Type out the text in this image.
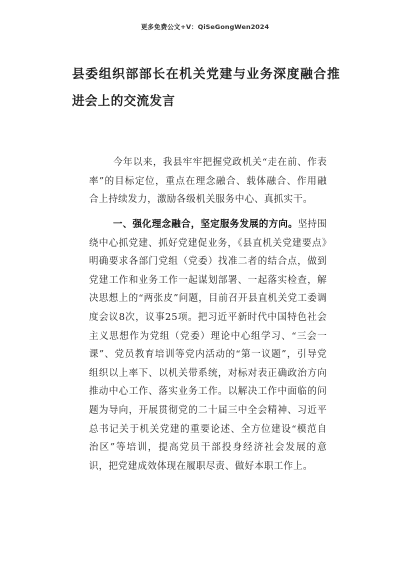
更多免费公文+V：QiSeGongWen2024
县委组织部部长在机关党建与业务深度融合推进会上的交流发言
今年以来，我县牢牢把握党政机关“走在前、作表率”的目标定位，重点在理念融合、载体融合、作用融合上持续发力，激励各级机关服务中心、真抓实干。
一、强化理念融合，坚定服务发展的方向。坚持围绕中心抓党建、抓好党建促业务，《县直机关党建要点》明确要求各部门党组（党委）找准二者的结合点，做到党建工作和业务工作一起谋划部署、一起落实检查，解决思想上的“两张皮”问题，目前召开县直机关党工委调度会议8次，议事25项。把习近平新时代中国特色社会主义思想作为党组（党委）理论中心组学习、“三会一课”、党员教育培训等党内活动的“第一议题”，引导党组织以上率下、以机关带系统，对标对表正确政治方向推动中心工作、落实业务工作。以解决工作中面临的问题为导向，开展贯彻党的二十届三中全会精神、习近平总书记关于机关党建的重要论述、全方位建设“模范自治区”等培训，提高党员干部投身经济社会发展的意识，把党建成效体现在履职尽责、做好本职工作上。
